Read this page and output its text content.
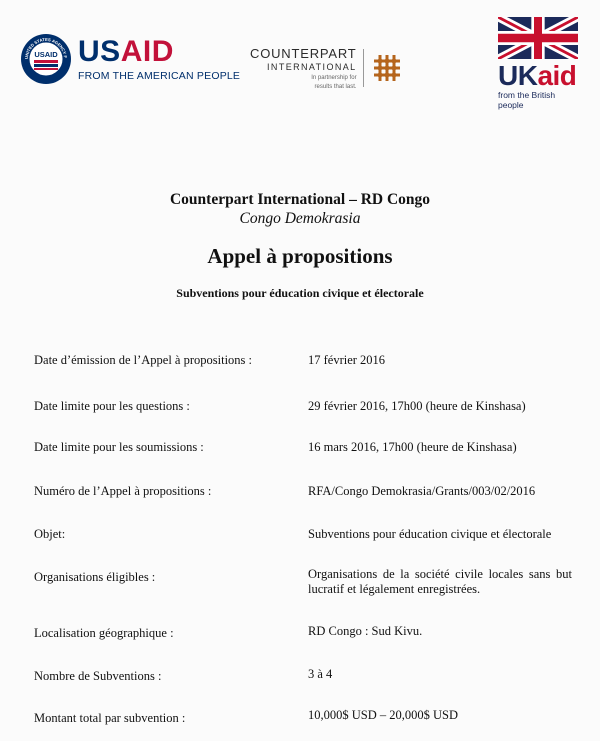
UNITED STATES AGENCY F
USAID USAID
FROM THE AMERICAN PEOPLE
COUNTERPART
INTERNATIONAL
In partnership for
results that last.	UKaid
from the British people
Counterpart International – RD Congo
Congo Demokrasia
Appel à propositions
Subventions pour éducation civique et électorale
Date d’émission de l’Appel à propositions :	17 février 2016
Date limite pour les questions :	29 février 2016, 17h00 (heure de Kinshasa)
Date limite pour les soumissions :	16 mars 2016, 17h00 (heure de Kinshasa)
Numéro de l’Appel à propositions :	RFA/Congo Demokrasia/Grants/003/02/2016
Objet:	Subventions pour éducation civique et électorale
Organisations éligibles :	Organisations de la société civile locales sans but lucratif et légalement enregistrées.
Localisation géographique :	RD Congo : Sud Kivu.
Nombre de Subventions :	3 à 4
Montant total par subvention :	10,000$ USD – 20,000$ USD
